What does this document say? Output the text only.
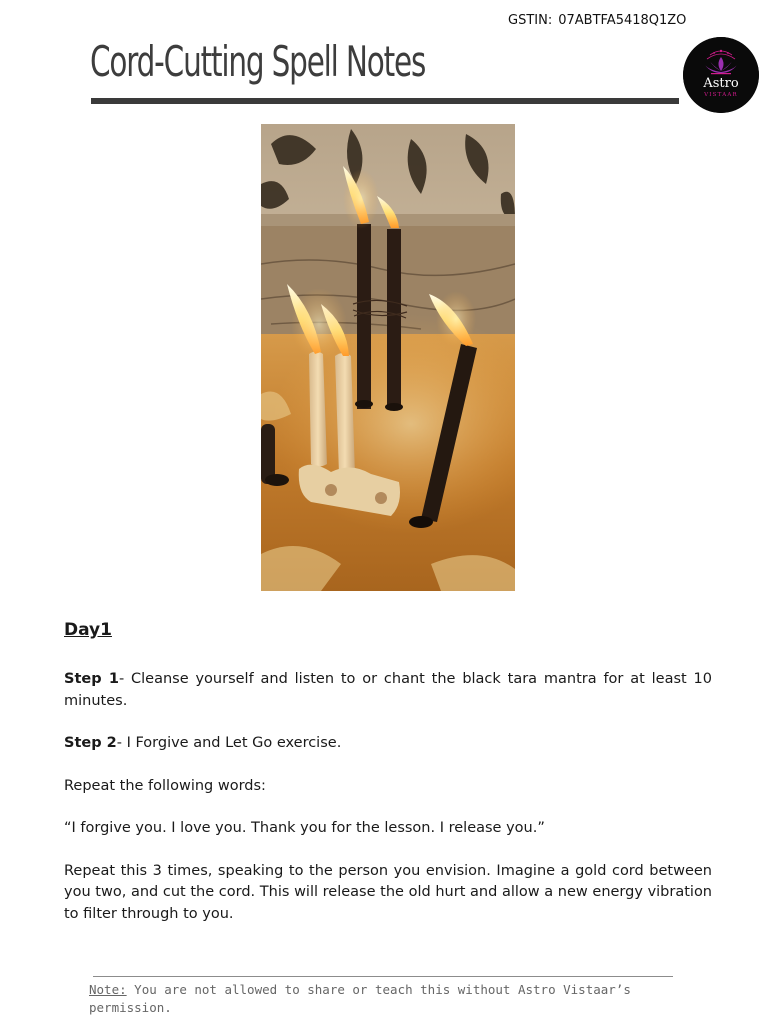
GSTIN: 07ABTFA5418Q1ZO
Cord-Cutting Spell Notes	Astro
VISTAAR
Day1

Step 1- Cleanse yourself and listen to or chant the black tara mantra for at least 10 minutes.

Step 2- I Forgive and Let Go exercise.

Repeat the following words:

“I forgive you. I love you. Thank you for the lesson. I release you.”

Repeat this 3 times, speaking to the person you envision. Imagine a gold cord between you two, and cut the cord. This will release the old hurt and allow a new energy vibration to filter through to you.

Note: You are not allowed to share or teach this without Astro Vistaar’s permission.
